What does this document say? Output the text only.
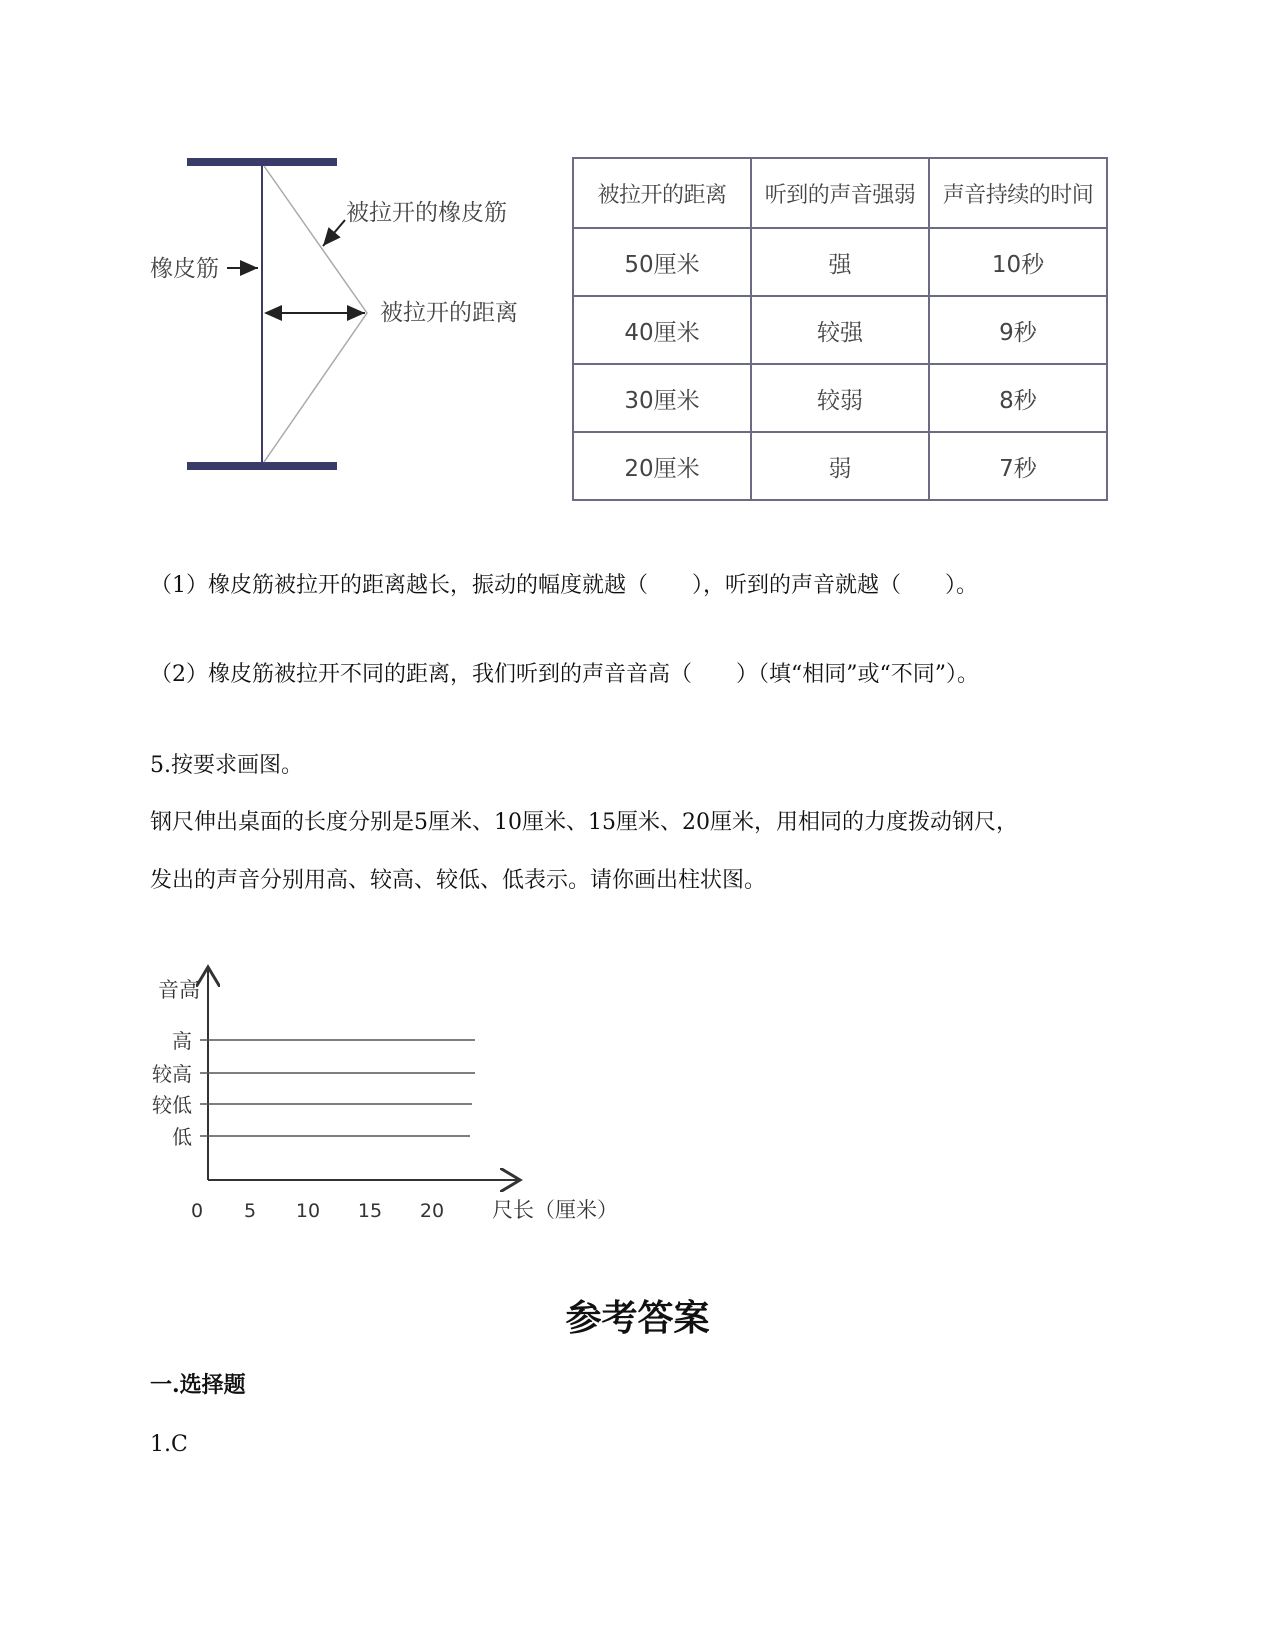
橡皮筋
被拉开的橡皮筋
被拉开的距离
被拉开的距离	听到的声音强弱	声音持续的时间
50厘米	强	10秒
40厘米	较强	9秒
30厘米	较弱	8秒
20厘米	弱	7秒
（1）橡皮筋被拉开的距离越长，振动的幅度就越（　　），听到的声音就越（　　）。
（2）橡皮筋被拉开不同的距离，我们听到的声音音高（　　）（填“相同”或“不同”）。
5.按要求画图。
钢尺伸出桌面的长度分别是5厘米、10厘米、15厘米、20厘米，用相同的力度拨动钢尺，
发出的声音分别用高、较高、较低、低表示。请你画出柱状图。
音高
尺长（厘米）
高
较高
较低
低
0 5 10 15 20
参考答案
一.选择题
1.C
